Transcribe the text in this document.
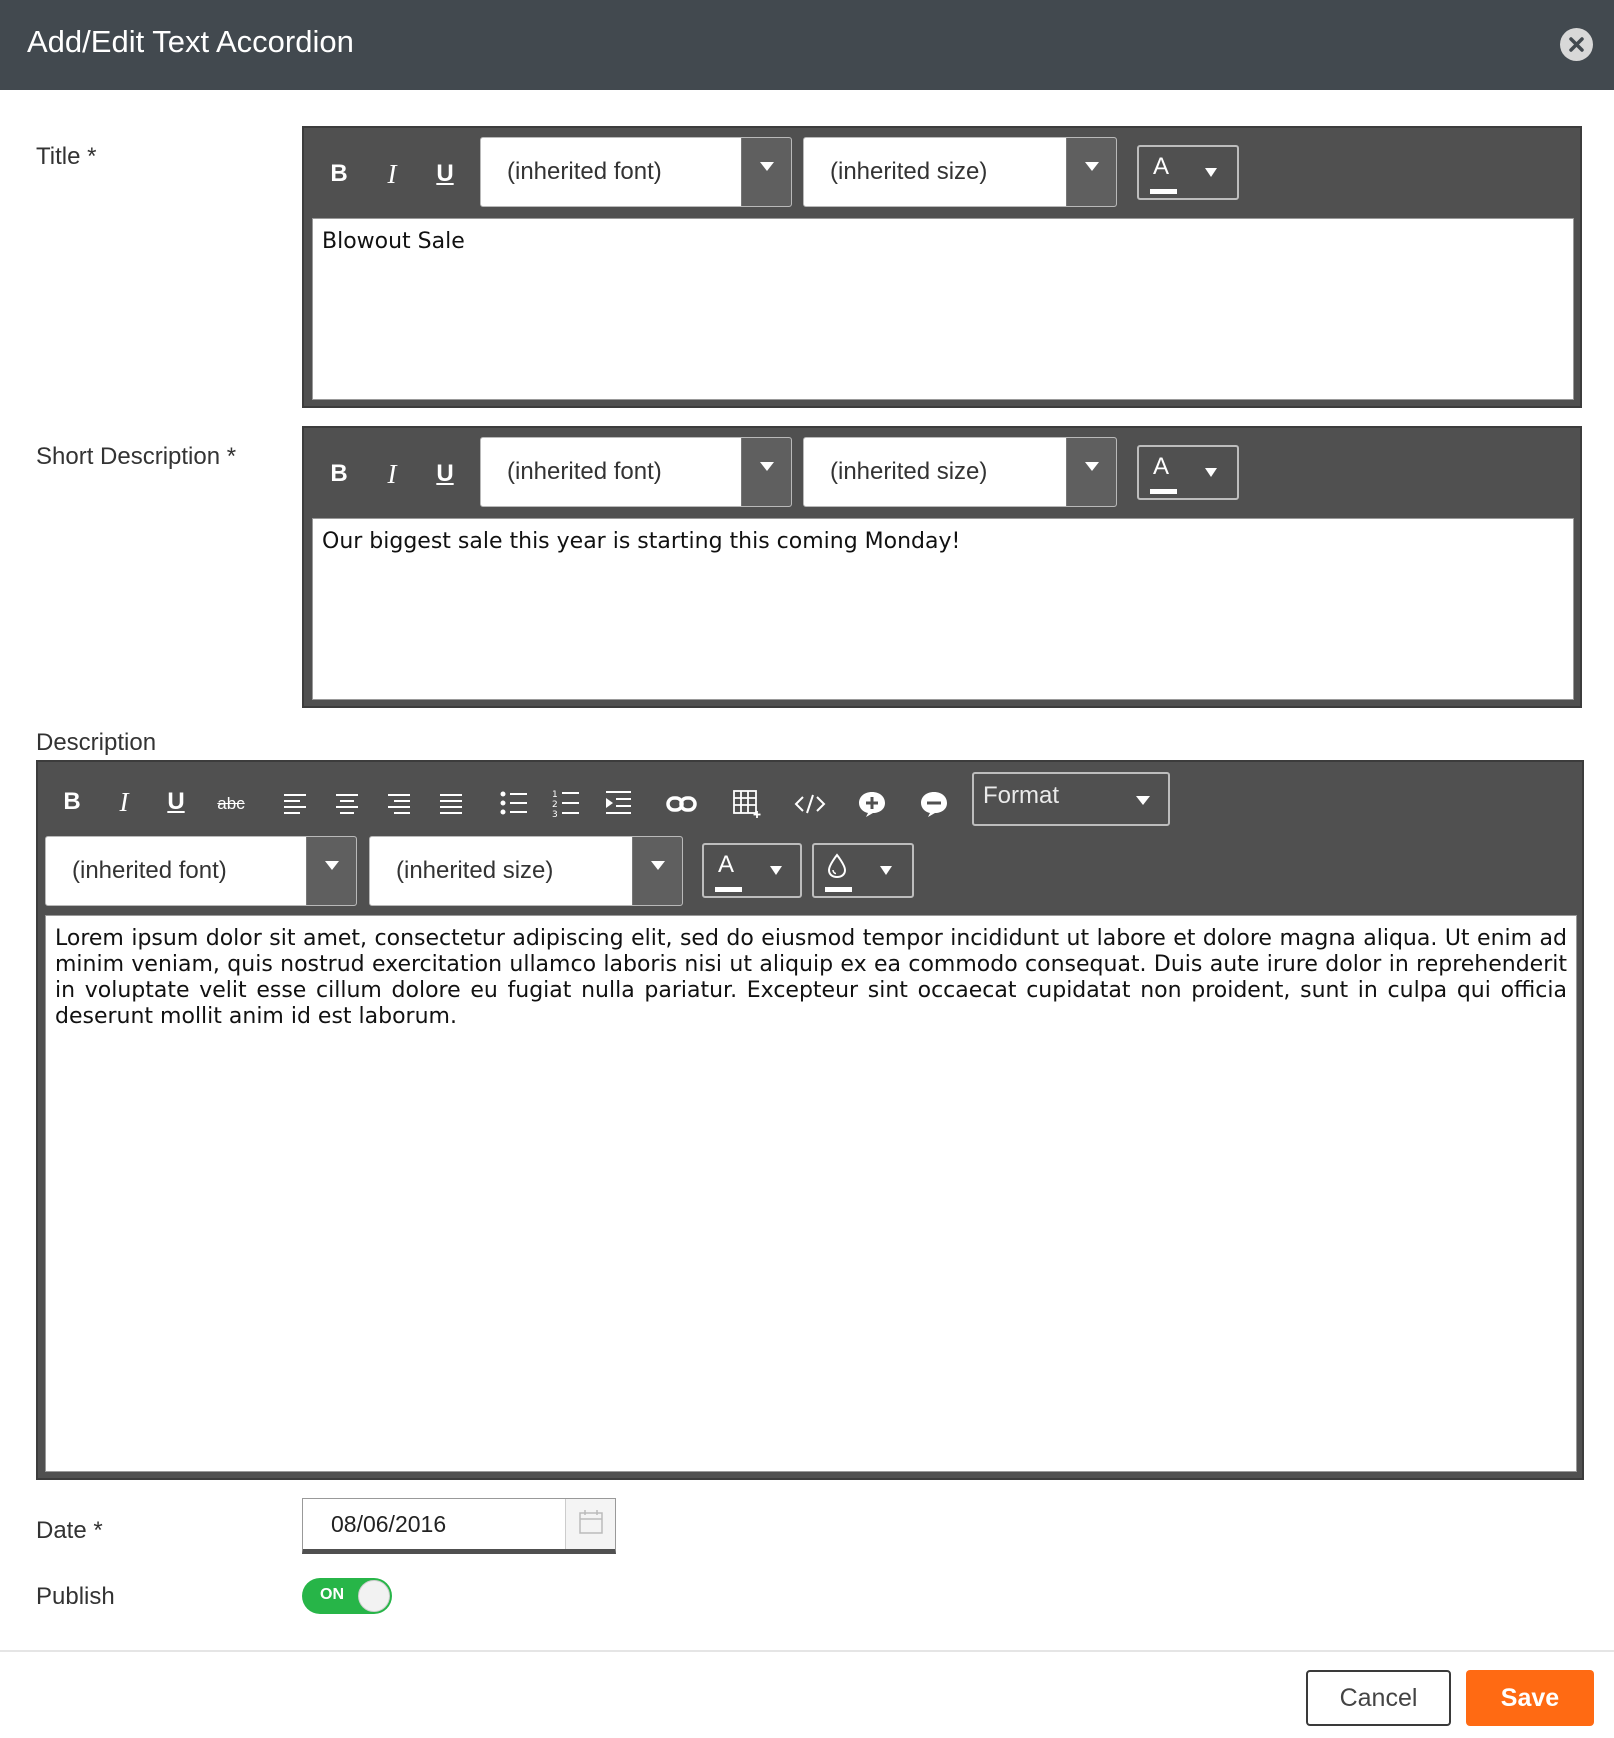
Add/Edit Text Accordion
Title *
B	I	U	(inherited font)	(inherited size)	A
Blowout Sale
Short Description *
B	I	U	(inherited font)	(inherited size)	A
Our biggest sale this year is starting this coming Monday!
Description
B	I	U	abc	1
2
3
Format
(inherited font)	(inherited size)	A
Lorem ipsum dolor sit amet, consectetur adipiscing elit, sed do eiusmod tempor incididunt ut labore et dolore magna aliqua. Ut enim ad minim veniam, quis nostrud exercitation ullamco laboris nisi ut aliquip ex ea commodo consequat. Duis aute irure dolor in reprehenderit in voluptate velit esse cillum dolore eu fugiat nulla pariatur. Excepteur sint occaecat cupidatat non proident, sunt in culpa qui officia deserunt mollit anim id est laborum.
Date *
08/06/2016
Publish	ON
Cancel	Save
